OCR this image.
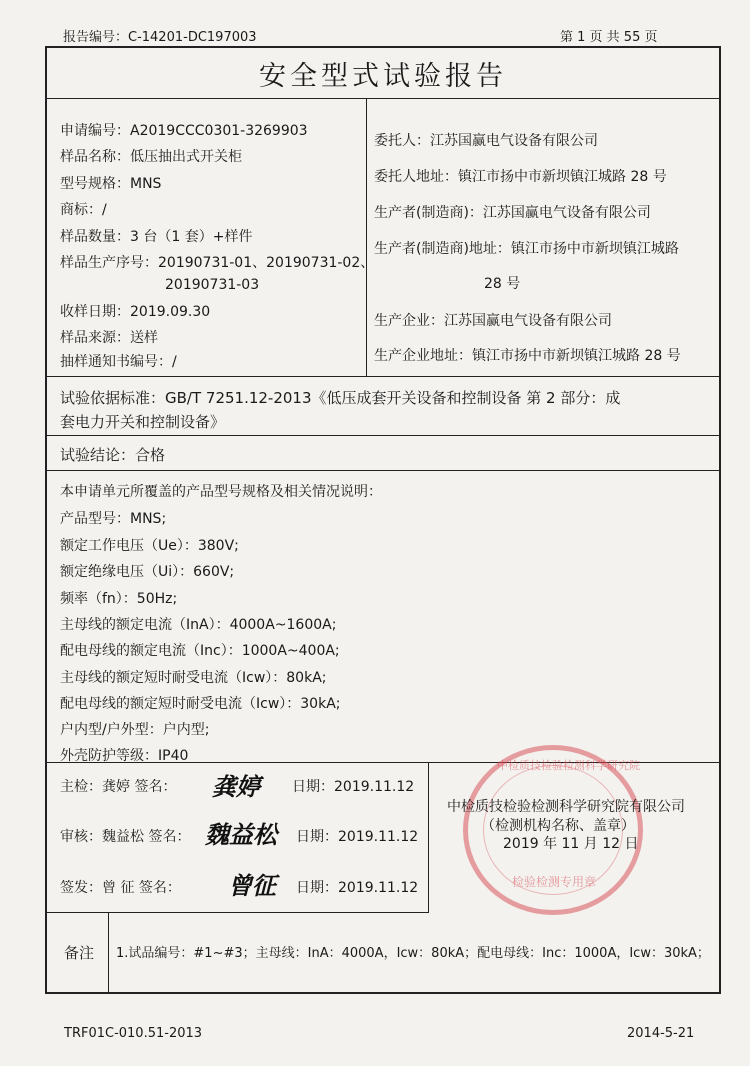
报告编号：C-14201-DC197003	第 1 页 共 55 页
安全型式试验报告
申请编号：A2019CCC0301-3269903
样品名称：低压抽出式开关柜
型号规格：MNS
商标：/
样品数量：3 台（1 套）+样件
样品生产序号：20190731-01、20190731-02、
20190731-03
收样日期：2019.09.30
样品来源：送样
抽样通知书编号：/
委托人：江苏国赢电气设备有限公司
委托人地址：镇江市扬中市新坝镇江城路 28 号
生产者(制造商)：江苏国赢电气设备有限公司
生产者(制造商)地址：镇江市扬中市新坝镇江城路
28 号
生产企业：江苏国赢电气设备有限公司
生产企业地址：镇江市扬中市新坝镇江城路 28 号
试验依据标准：GB/T 7251.12-2013《低压成套开关设备和控制设备 第 2 部分：成
套电力开关和控制设备》
试验结论：合格
本申请单元所覆盖的产品型号规格及相关情况说明：
产品型号：MNS;
额定工作电压（Ue）：380V;
额定绝缘电压（Ui）：660V;
频率（fn）：50Hz;
主母线的额定电流（InA）：4000A~1600A;
配电母线的额定电流（Inc）：1000A~400A;
主母线的额定短时耐受电流（Icw）：80kA;
配电母线的额定短时耐受电流（Icw）：30kA;
户内型/户外型：户内型;
外壳防护等级：IP40
主检：龚婷 签名： 龚婷 日期：2019.11.12
审核：魏益松 签名： 魏益松 日期：2019.11.12
签发：曾 征 签名： 曾征 日期：2019.11.12
中检质技检验检测科学研究院
检验检测专用章
中检质技检验检测科学研究院有限公司
（检测机构名称、盖章）
2019 年 11 月 12 日
备注 1.试品编号：#1~#3；主母线：InA：4000A，Icw：80kA；配电母线：Inc：1000A，Icw：30kA；
TRF01C-010.51-2013	2014-5-21
